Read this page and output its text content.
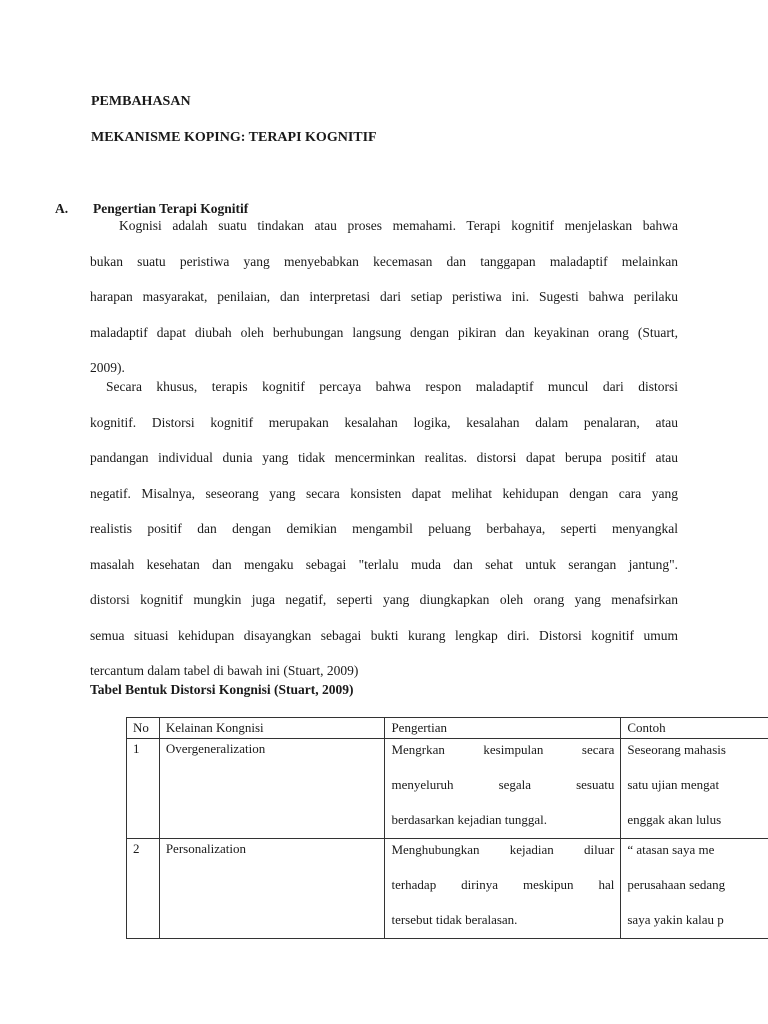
PEMBAHASAN
MEKANISME KOPING: TERAPI KOGNITIF
A. Pengertian Terapi Kognitif
Kognisi adalah suatu tindakan atau proses memahami. Terapi kognitif menjelaskan bahwa
bukan suatu peristiwa yang menyebabkan kecemasan dan tanggapan maladaptif melainkan
harapan masyarakat, penilaian, dan interpretasi dari setiap peristiwa ini. Sugesti bahwa perilaku
maladaptif dapat diubah oleh berhubungan langsung dengan pikiran dan keyakinan orang (Stuart,
2009).
Secara khusus, terapis kognitif percaya bahwa respon maladaptif muncul dari distorsi
kognitif. Distorsi kognitif merupakan kesalahan logika, kesalahan dalam penalaran, atau
pandangan individual dunia yang tidak mencerminkan realitas. distorsi dapat berupa positif atau
negatif. Misalnya, seseorang yang secara konsisten dapat melihat kehidupan dengan cara yang
realistis positif dan dengan demikian mengambil peluang berbahaya, seperti menyangkal
masalah kesehatan dan mengaku sebagai "terlalu muda dan sehat untuk serangan jantung".
distorsi kognitif mungkin juga negatif, seperti yang diungkapkan oleh orang yang menafsirkan
semua situasi kehidupan disayangkan sebagai bukti kurang lengkap diri. Distorsi kognitif umum
tercantum dalam tabel di bawah ini (Stuart, 2009)
Tabel Bentuk Distorsi Kongnisi (Stuart, 2009)
No	Kelainan Kongnisi	Pengertian	Contoh
1	Overgeneralization	Mengrkan kesimpulan secara
menyeluruh segala sesuatu
berdasarkan kejadian tunggal.	Seseorang mahasis
satu ujian mengat
enggak akan lulus

2	Personalization	Menghubungkan kejadian diluar
terhadap dirinya meskipun hal
tersebut tidak beralasan.	“ atasan saya me
perusahaan sedang
saya yakin kalau p
